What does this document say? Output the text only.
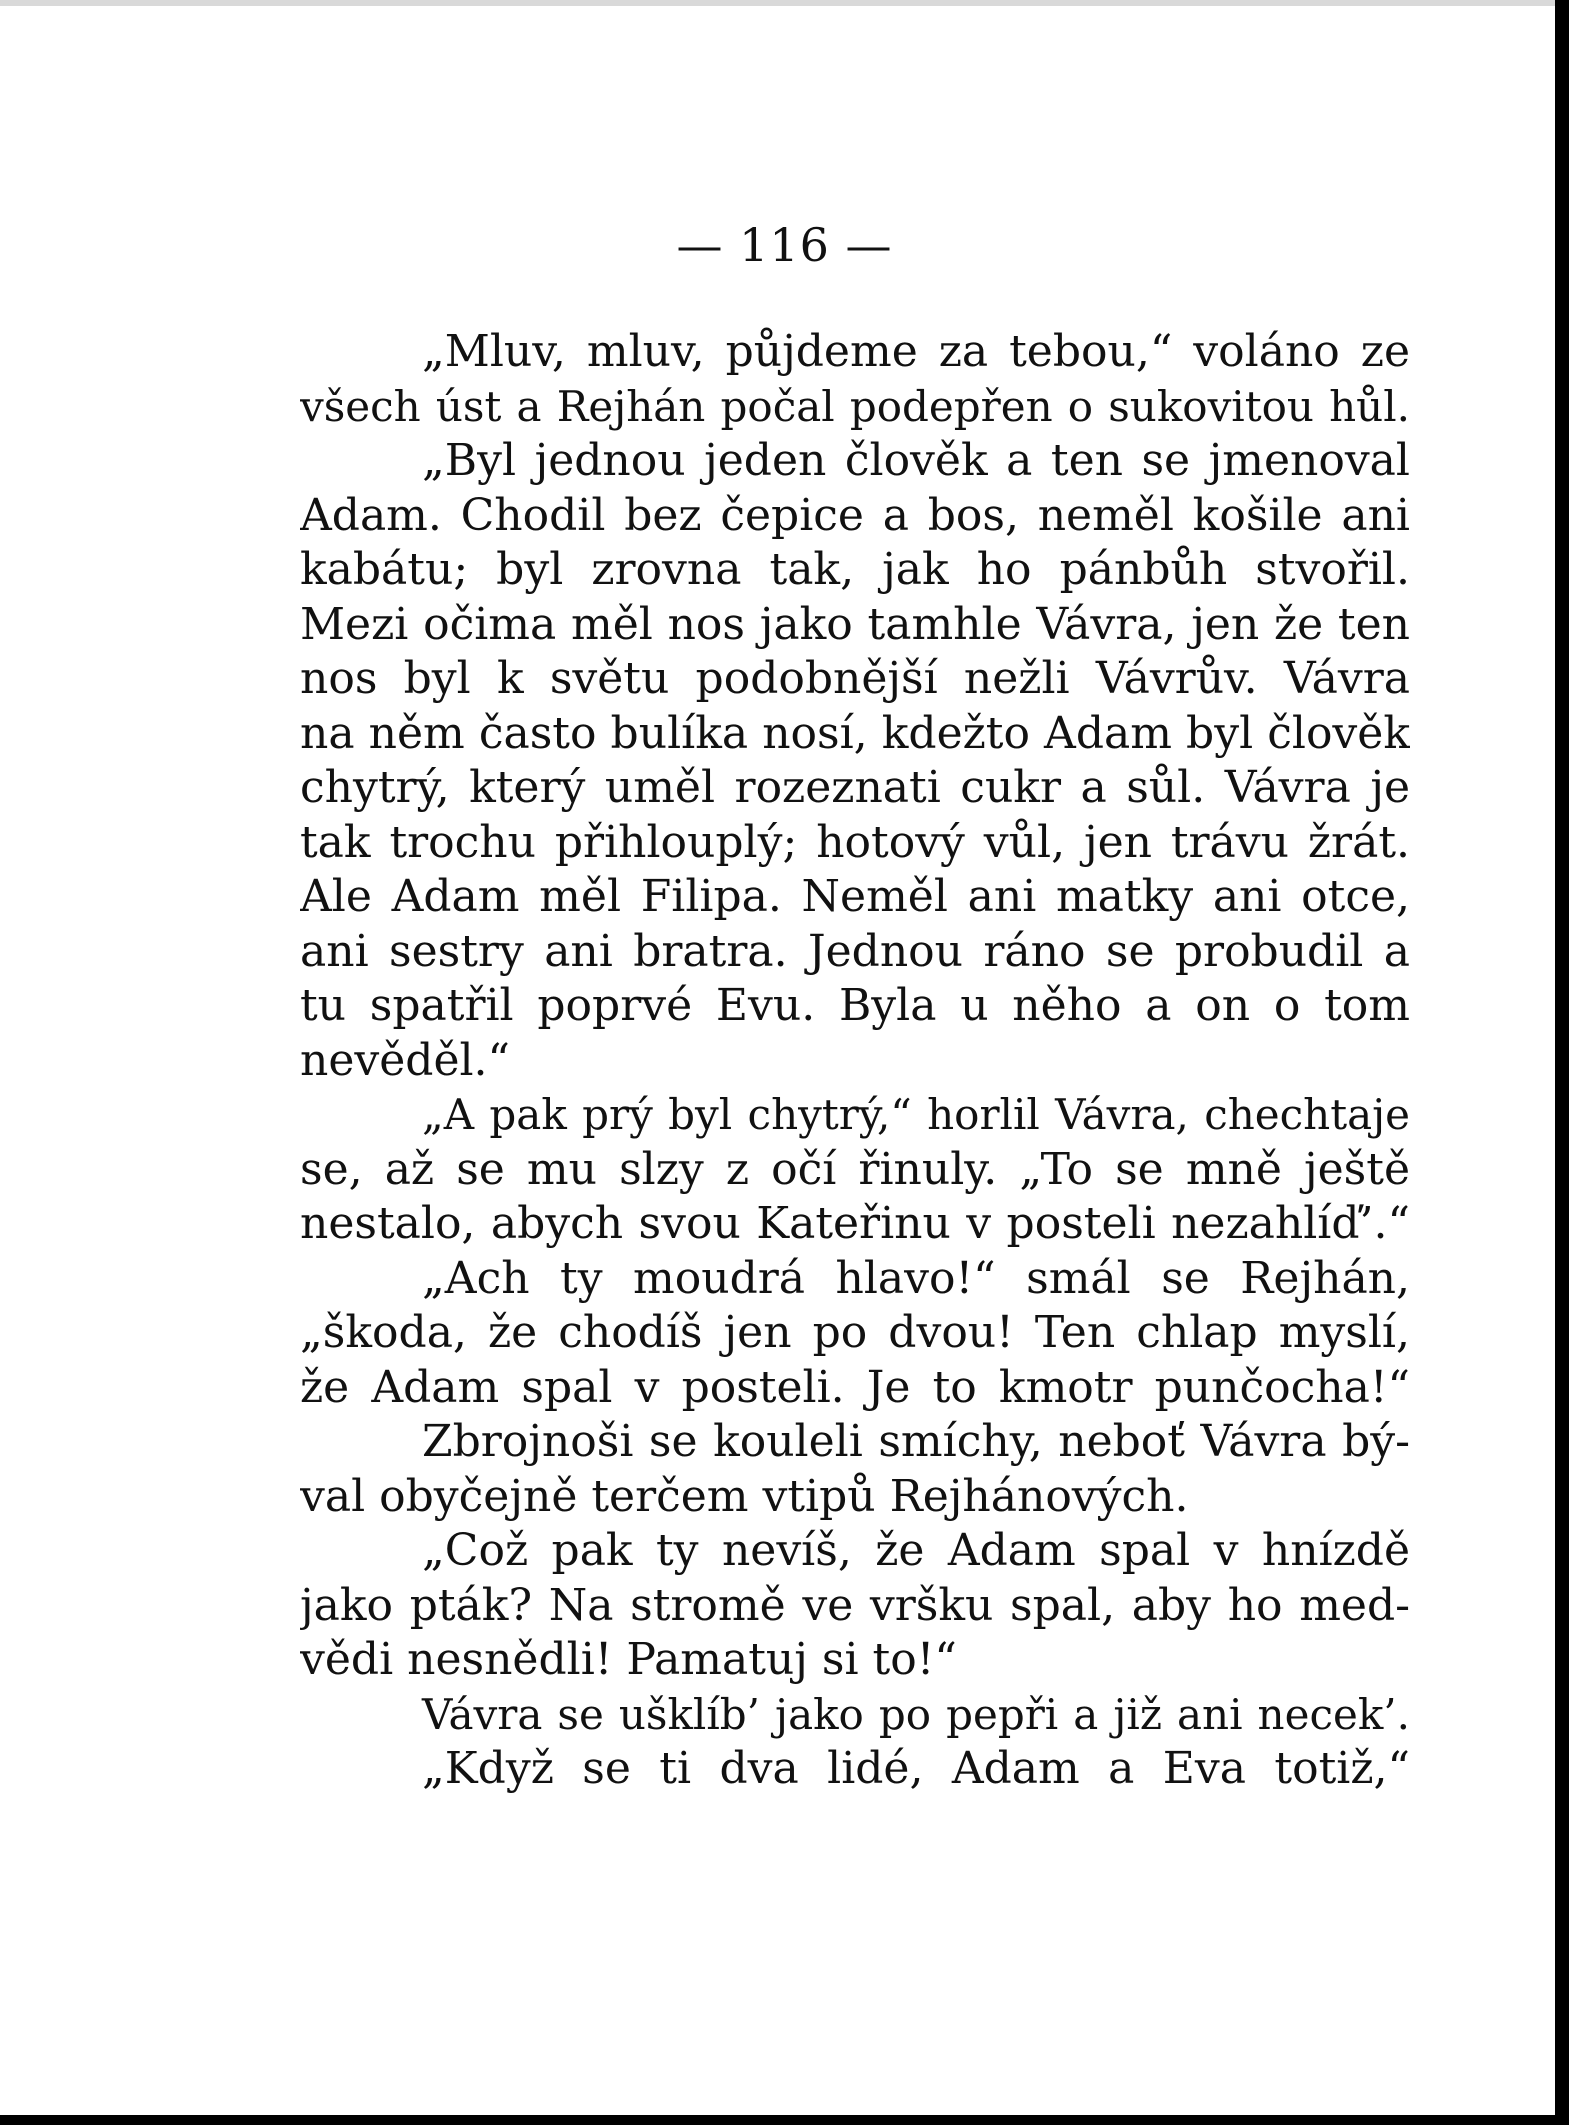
— 116 —
„Mluv, mluv, půjdeme za tebou,“ voláno ze
všech úst a Rejhán počal podepřen o sukovitou hůl.
„Byl jednou jeden člověk a ten se jmenoval
Adam. Chodil bez čepice a bos, neměl košile ani
kabátu; byl zrovna tak, jak ho pánbůh stvořil.
Mezi očima měl nos jako tamhle Vávra, jen že ten
nos byl k světu podobnější nežli Vávrův. Vávra
na něm často bulíka nosí, kdežto Adam byl člověk
chytrý, který uměl rozeznati cukr a sůl. Vávra je
tak trochu přihlouplý; hotový vůl, jen trávu žrát.
Ale Adam měl Filipa. Neměl ani matky ani otce,
ani sestry ani bratra. Jednou ráno se probudil a
tu spatřil poprvé Evu. Byla u něho a on o tom
nevěděl.“
„A pak prý byl chytrý,“ horlil Vávra, chechtaje
se, až se mu slzy z očí řinuly. „To se mně ještě
nestalo, abych svou Kateřinu v posteli nezahlíď’.“
„Ach ty moudrá hlavo!“ smál se Rejhán,
„škoda, že chodíš jen po dvou! Ten chlap myslí,
že Adam spal v posteli. Je to kmotr punčocha!“
Zbrojnoši se kouleli smíchy, neboť Vávra bý-
val obyčejně terčem vtipů Rejhánových.
„Což pak ty nevíš, že Adam spal v hnízdě
jako pták? Na stromě ve vršku spal, aby ho med-
vědi nesnědli! Pamatuj si to!“
Vávra se ušklíb’ jako po pepři a již ani necek’.
„Když se ti dva lidé, Adam a Eva totiž,“
